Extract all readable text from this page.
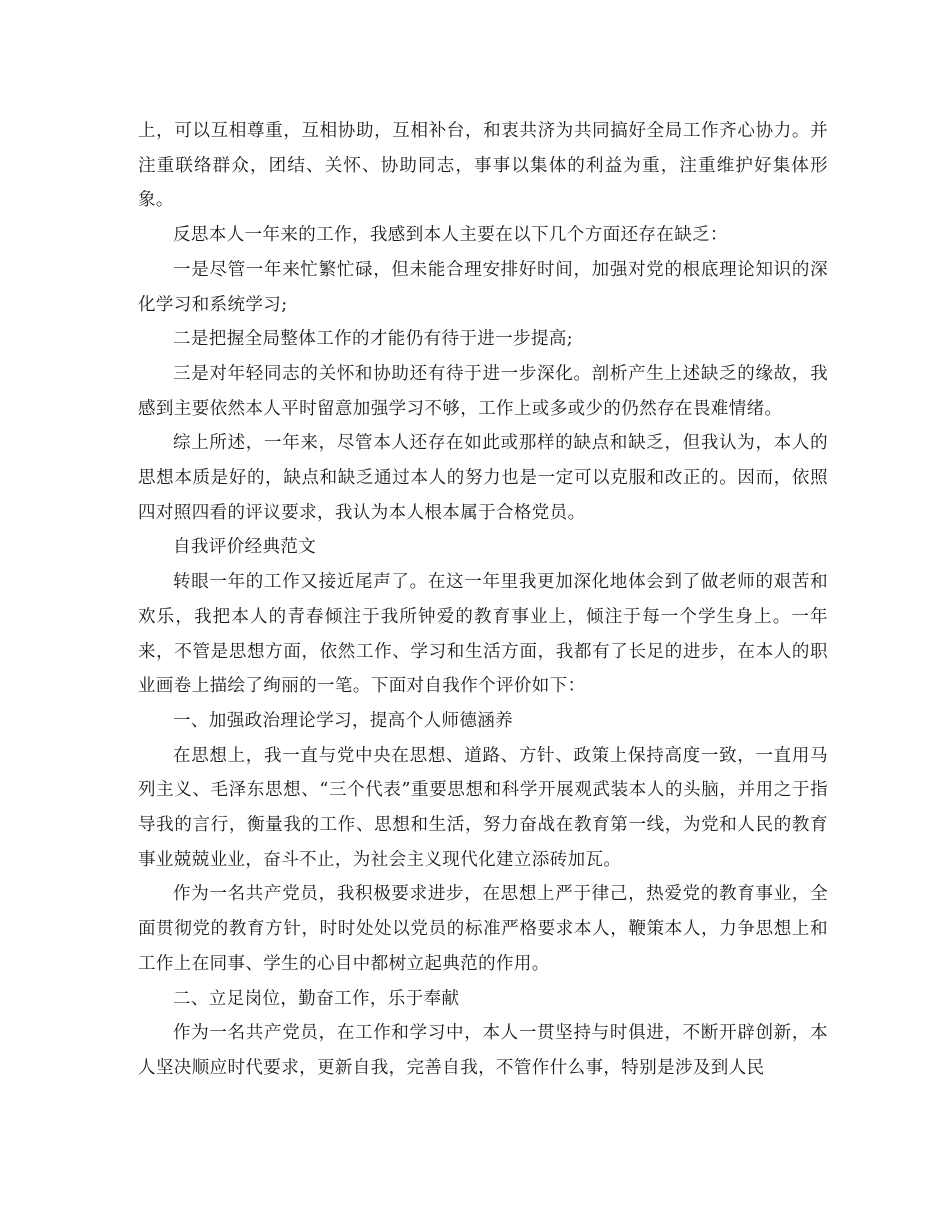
上，可以互相尊重，互相协助，互相补台，和衷共济为共同搞好全局工作齐心协力。并注重联络群众，团结、关怀、协助同志，事事以集体的利益为重，注重维护好集体形象。

反思本人一年来的工作，我感到本人主要在以下几个方面还存在缺乏：

一是尽管一年来忙繁忙碌，但未能合理安排好时间，加强对党的根底理论知识的深化学习和系统学习;

二是把握全局整体工作的才能仍有待于进一步提高;

三是对年轻同志的关怀和协助还有待于进一步深化。剖析产生上述缺乏的缘故，我感到主要依然本人平时留意加强学习不够，工作上或多或少的仍然存在畏难情绪。

综上所述，一年来，尽管本人还存在如此或那样的缺点和缺乏，但我认为，本人的思想本质是好的，缺点和缺乏通过本人的努力也是一定可以克服和改正的。因而，依照四对照四看的评议要求，我认为本人根本属于合格党员。

自我评价经典范文

转眼一年的工作又接近尾声了。在这一年里我更加深化地体会到了做老师的艰苦和欢乐，我把本人的青春倾注于我所钟爱的教育事业上，倾注于每一个学生身上。一年来，不管是思想方面，依然工作、学习和生活方面，我都有了长足的进步，在本人的职业画卷上描绘了绚丽的一笔。下面对自我作个评价如下：

一、加强政治理论学习，提高个人师德涵养

在思想上，我一直与党中央在思想、道路、方针、政策上保持高度一致，一直用马列主义、毛泽东思想、“三个代表”重要思想和科学开展观武装本人的头脑，并用之于指导我的言行，衡量我的工作、思想和生活，努力奋战在教育第一线，为党和人民的教育事业兢兢业业，奋斗不止，为社会主义现代化建立添砖加瓦。

作为一名共产党员，我积极要求进步，在思想上严于律己，热爱党的教育事业，全面贯彻党的教育方针，时时处处以党员的标准严格要求本人，鞭策本人，力争思想上和工作上在同事、学生的心目中都树立起典范的作用。

二、立足岗位，勤奋工作，乐于奉献

作为一名共产党员，在工作和学习中，本人一贯坚持与时俱进，不断开辟创新，本人坚决顺应时代要求，更新自我，完善自我，不管作什么事，特别是涉及到人民
